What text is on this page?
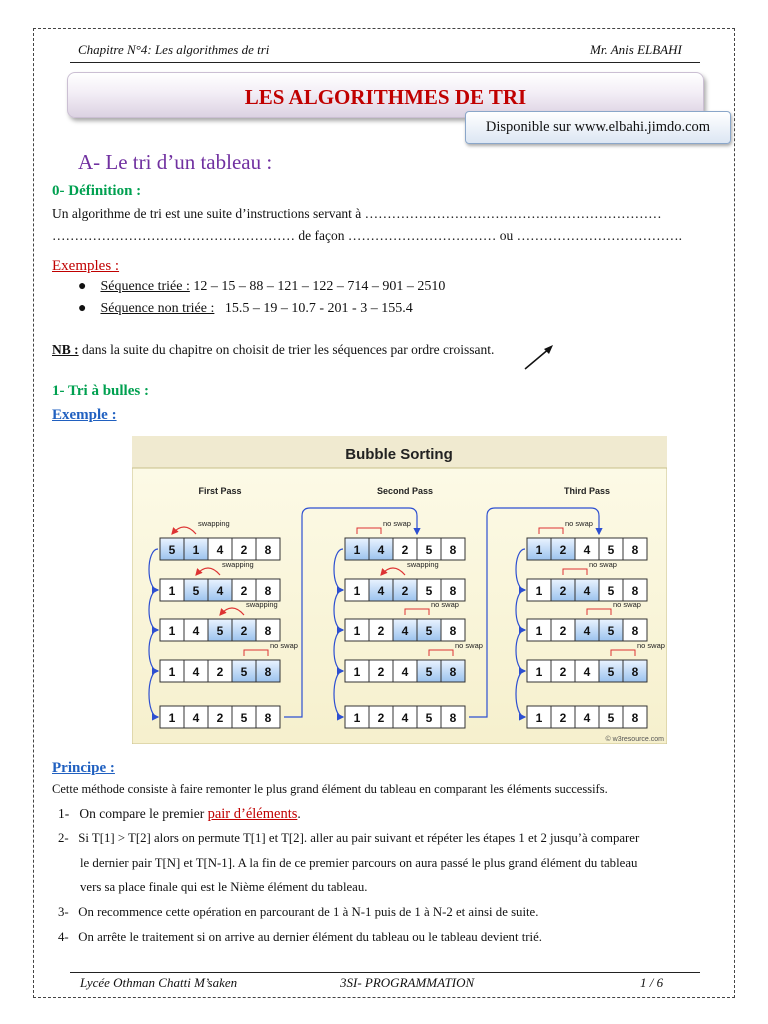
Chapitre N°4: Les algorithmes de tri	Mr. Anis ELBAHI
LES ALGORITHMES DE TRI
Disponible sur www.elbahi.jimdo.com
A- Le tri d’un tableau :
0- Définition :
Un algorithme de tri est une suite d’instructions servant à …………………………………………………………
……………………………………………… de façon …………………………… ou ……………………………….
Exemples :
● Séquence triée : 12 – 15 – 88 – 121 – 122 – 714 – 901 – 2510
● Séquence non triée : 15.5 – 19 – 10.7 - 201 - 3 – 155.4
NB : dans la suite du chapitre on choisit de trier les séquences par ordre croissant.
1- Tri à bulles :
Exemple :
Bubble Sorting
First Pass
5 1 4 2 8
swapping
1 5 4 2 8
swapping
1 4 5 2 8
swapping
1 4 2 5 8
no swap
1 4 2 5 8
Second Pass
1 4 2 5 8
no swap
1 4 2 5 8
swapping
1 2 4 5 8
no swap
1 2 4 5 8
no swap
1 2 4 5 8
Third Pass
1 2 4 5 8
no swap
1 2 4 5 8
no swap
1 2 4 5 8
no swap
1 2 4 5 8
no swap
1 2 4 5 8
© w3resource.com
Principe :
Cette méthode consiste à faire remonter le plus grand élément du tableau en comparant les éléments successifs.
1- On compare le premier pair d’éléments.
2- Si T[1] > T[2] alors on permute T[1] et T[2]. aller au pair suivant et répéter les étapes 1 et 2 jusqu’à comparer
le dernier pair T[N] et T[N-1]. A la fin de ce premier parcours on aura passé le plus grand élément du tableau
vers sa place finale qui est le Nième élément du tableau.
3- On recommence cette opération en parcourant de 1 à N-1 puis de 1 à N-2 et ainsi de suite.
4- On arrête le traitement si on arrive au dernier élément du tableau ou le tableau devient trié.
Lycée Othman Chatti M’saken	3SI- PROGRAMMATION	1 / 6
